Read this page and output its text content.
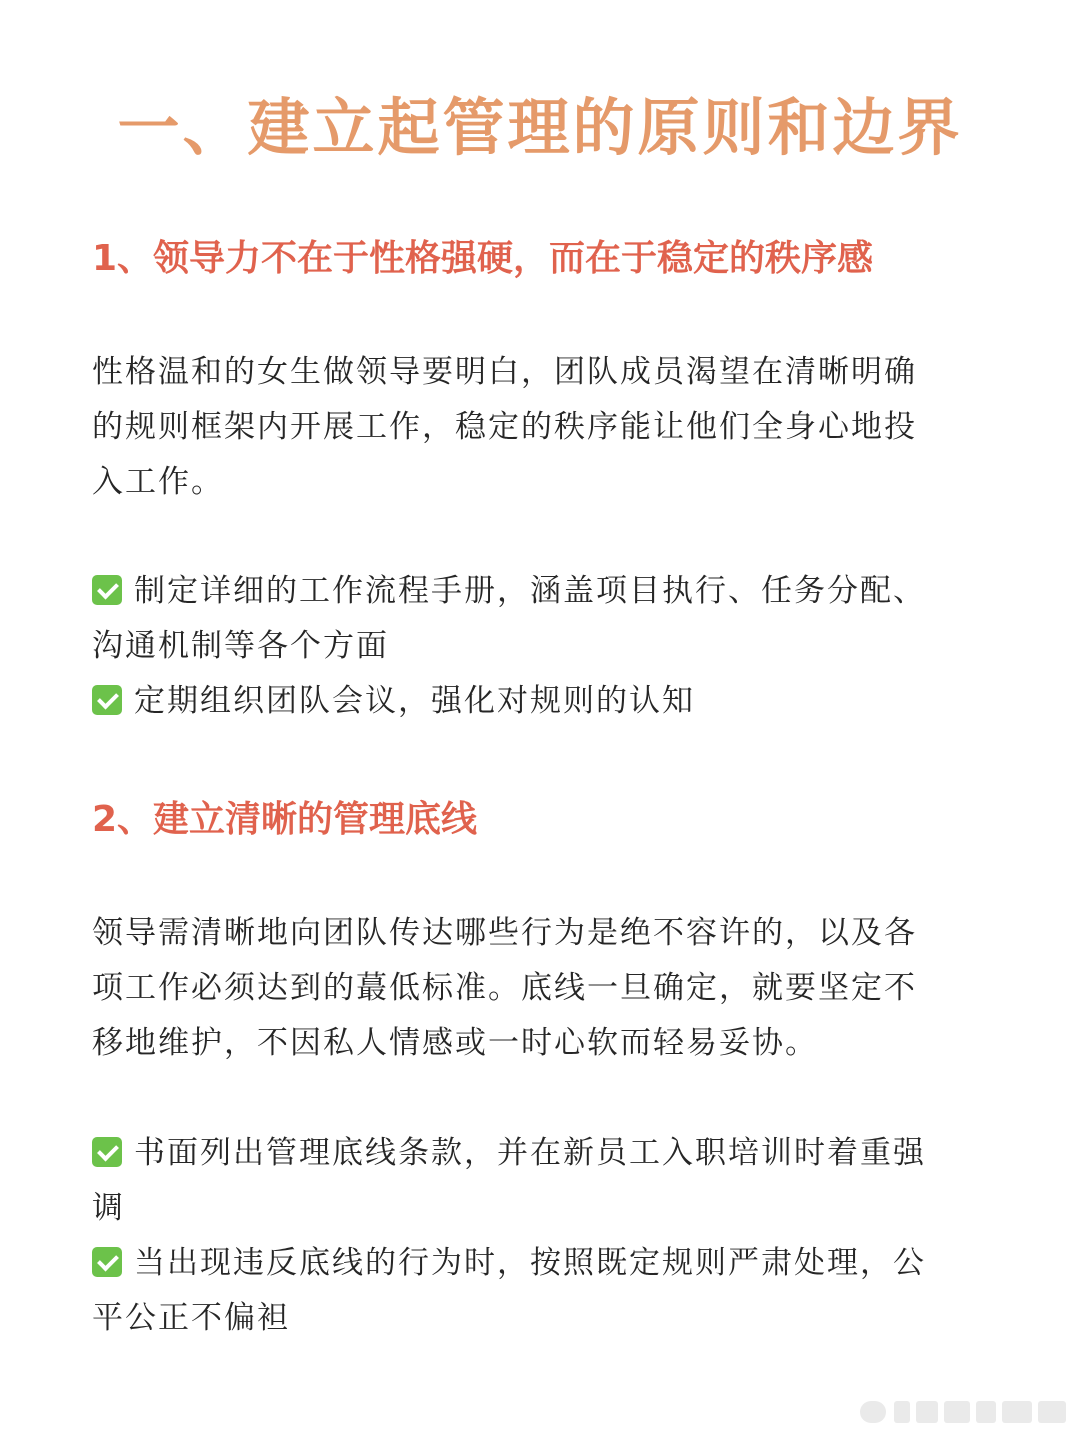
一、建立起管理的原则和边界
1、领导力不在于性格强硬，而在于稳定的秩序感

性格温和的女生做领导要明白，团队成员渴望在清晰明确
的规则框架内开展工作，稳定的秩序能让他们全身心地投
入工作。

制定详细的工作流程手册，涵盖项目执行、任务分配、
沟通机制等各个方面
定期组织团队会议，强化对规则的认知
2、建立清晰的管理底线

领导需清晰地向团队传达哪些行为是绝不容许的，以及各
项工作必须达到的蕞低标准。底线一旦确定，就要坚定不
移地维护，不因私人情感或一时心软而轻易妥协。

书面列出管理底线条款，并在新员工入职培训时着重强
调
当出现违反底线的行为时，按照既定规则严肃处理，公
平公正不偏袒
